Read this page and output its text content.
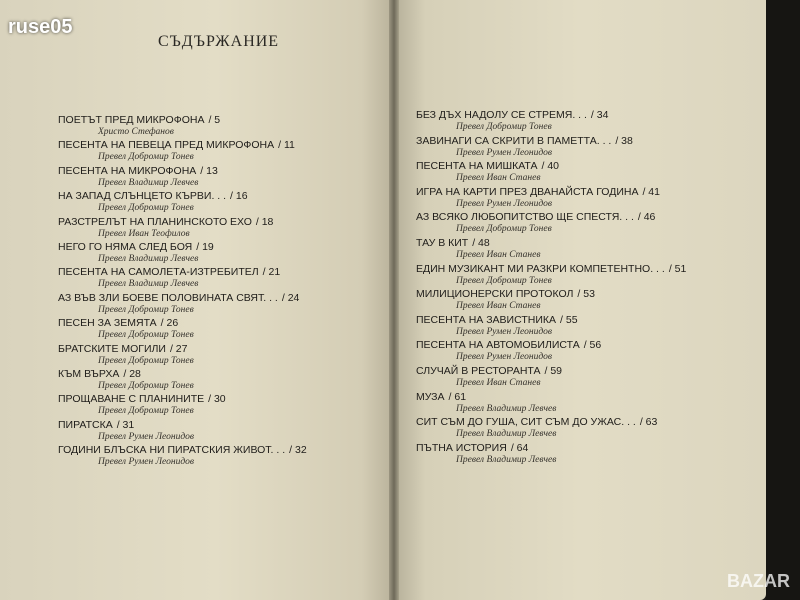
ruse05
BAZAR
СЪДЪРЖАНИЕ
ПОЕТЪТ ПРЕД МИКРОФОНА / 5
Христо Стефанов
ПЕСЕНТА НА ПЕВЕЦА ПРЕД МИКРОФОНА / 11
Превел Добромир Тонев
ПЕСЕНТА НА МИКРОФОНА / 13
Превел Владимир Левчев
НА ЗАПАД СЛЪНЦЕТО КЪРВИ. . . / 16
Превел Добромир Тонев
РАЗСТРЕЛЪТ НА ПЛАНИНСКОТО ЕХО / 18
Превел Иван Теофилов
НЕГО ГО НЯМА СЛЕД БОЯ / 19
Превел Владимир Левчев
ПЕСЕНТА НА САМОЛЕТА-ИЗТРЕБИТЕЛ / 21
Превел Владимир Левчев
АЗ ВЪВ ЗЛИ БОЕВЕ ПОЛОВИНАТА СВЯТ. . . / 24
Превел Добромир Тонев
ПЕСЕН ЗА ЗЕМЯТА / 26
Превел Добромир Тонев
БРАТСКИТЕ МОГИЛИ / 27
Превел Добромир Тонев
КЪМ ВЪРХА / 28
Превел Добромир Тонев
ПРОЩАВАНЕ С ПЛАНИНИТЕ / 30
Превел Добромир Тонев
ПИРАТСКА / 31
Превел Румен Леонидов
ГОДИНИ БЛЪСКА НИ ПИРАТСКИЯ ЖИВОТ. . . / 32
Превел Румен Леонидов
БЕЗ ДЪХ НАДОЛУ СЕ СТРЕМЯ. . . / 34
Превел Добромир Тонев
ЗАВИНАГИ СА СКРИТИ В ПАМЕТТА. . . / 38
Превел Румен Леонидов
ПЕСЕНТА НА МИШКАТА / 40
Превел Иван Станев
ИГРА НА КАРТИ ПРЕЗ ДВАНАЙСТА ГОДИНА / 41
Превел Румен Леонидов
АЗ ВСЯКО ЛЮБОПИТСТВО ЩЕ СПЕСТЯ. . . / 46
Превел Добромир Тонев
ТАУ В КИТ / 48
Превел Иван Станев
ЕДИН МУЗИКАНТ МИ РАЗКРИ КОМПЕТЕНТНО. . . / 51
Превел Добромир Тонев
МИЛИЦИОНЕРСКИ ПРОТОКОЛ / 53
Превел Иван Станев
ПЕСЕНТА НА ЗАВИСТНИКА / 55
Превел Румен Леонидов
ПЕСЕНТА НА АВТОМОБИЛИСТА / 56
Превел Румен Леонидов
СЛУЧАЙ В РЕСТОРАНТА / 59
Превел Иван Станев
МУЗА / 61
Превел Владимир Левчев
СИТ СЪМ ДО ГУША, СИТ СЪМ ДО УЖАС. . . / 63
Превел Владимир Левчев
ПЪТНА ИСТОРИЯ / 64
Превел Владимир Левчев
